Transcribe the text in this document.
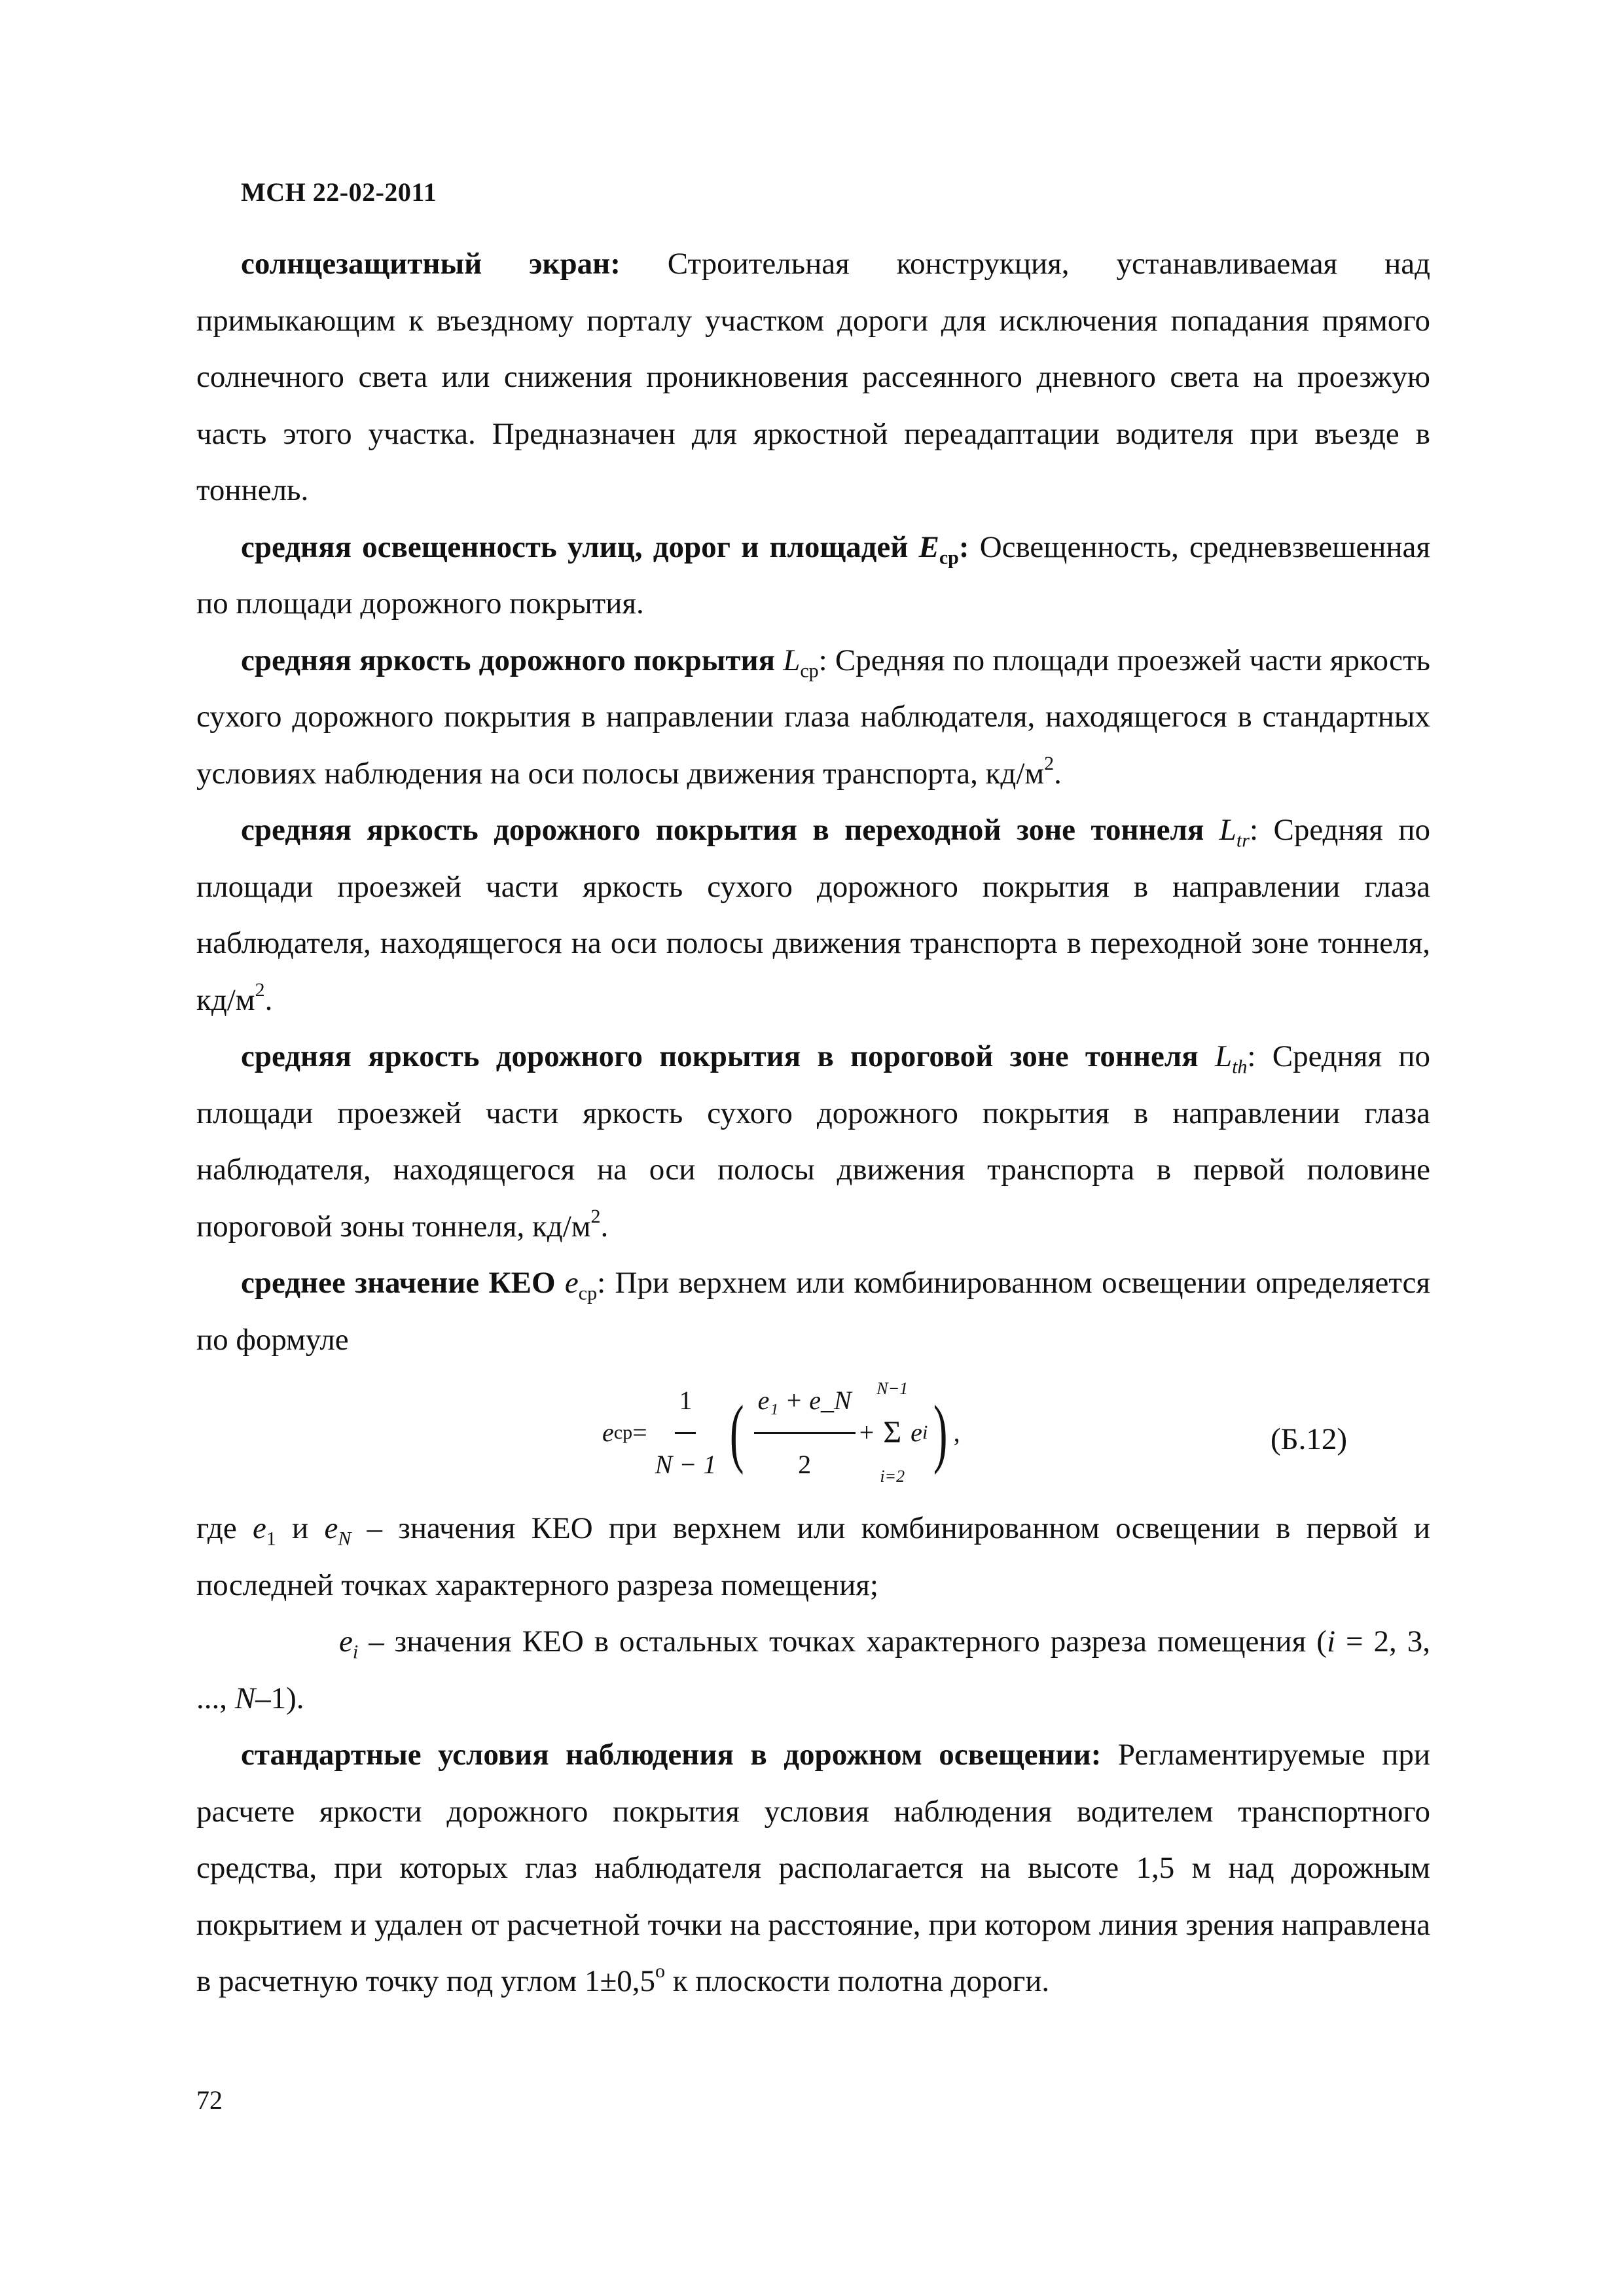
МСН 22-02-2011

солнцезащитный экран: Строительная конструкция, устанавливаемая над примыкающим к въездному порталу участком дороги для исключения попадания прямого солнечного света или снижения проникновения рассеянного дневного света на проезжую часть этого участка. Предназначен для яркостной переадаптации водителя при въезде в тоннель.

средняя освещенность улиц, дорог и площадей $E_{ср}$: Освещенность, средневзвешенная по площади дорожного покрытия.

средняя яркость дорожного покрытия $L_{ср}$: Средняя по площади проезжей части яркость сухого дорожного покрытия в направлении глаза наблюдателя, находящегося в стандартных условиях наблюдения на оси полосы движения транспорта, $кд/м^2$.

средняя яркость дорожного покрытия в переходной зоне тоннеля $L_{tr}$: Средняя по площади проезжей части яркость сухого дорожного покрытия в направлении глаза наблюдателя, находящегося на оси полосы движения транспорта в переходной зоне тоннеля, $кд/м^2$.

средняя яркость дорожного покрытия в пороговой зоне тоннеля $L_{th}$: Средняя по площади проезжей части яркость сухого дорожного покрытия в направлении глаза наблюдателя, находящегося на оси полосы движения транспорта в первой половине пороговой зоны тоннеля, $кд/м^2$.

среднее значение КЕО $e_{ср}$: При верхнем или комбинированном освещении определяется по формуле

e ср = $\frac{1}{N - 1}$ ( $\frac{\text{e₁ + e\_N}}{2}$ +
N−1
Σ
i=2
e i ) ,	(Б.12)

где $e_1$ и $e_N$ – значения КЕО при верхнем или комбинированном освещении в первой и последней точках характерного разреза помещения;

$e_i$ – значения КЕО в остальных точках характерного разреза помещения (i = 2, 3, ..., N–1).

стандартные условия наблюдения в дорожном освещении: Регламентируемые при расчете яркости дорожного покрытия условия наблюдения водителем транспортного средства, при которых глаз наблюдателя располагается на высоте 1,5 м над дорожным покрытием и удален от расчетной точки на расстояние, при котором линия зрения направлена в расчетную точку под углом $1\pm 0,5^о$ к плоскости полотна дороги.

72
